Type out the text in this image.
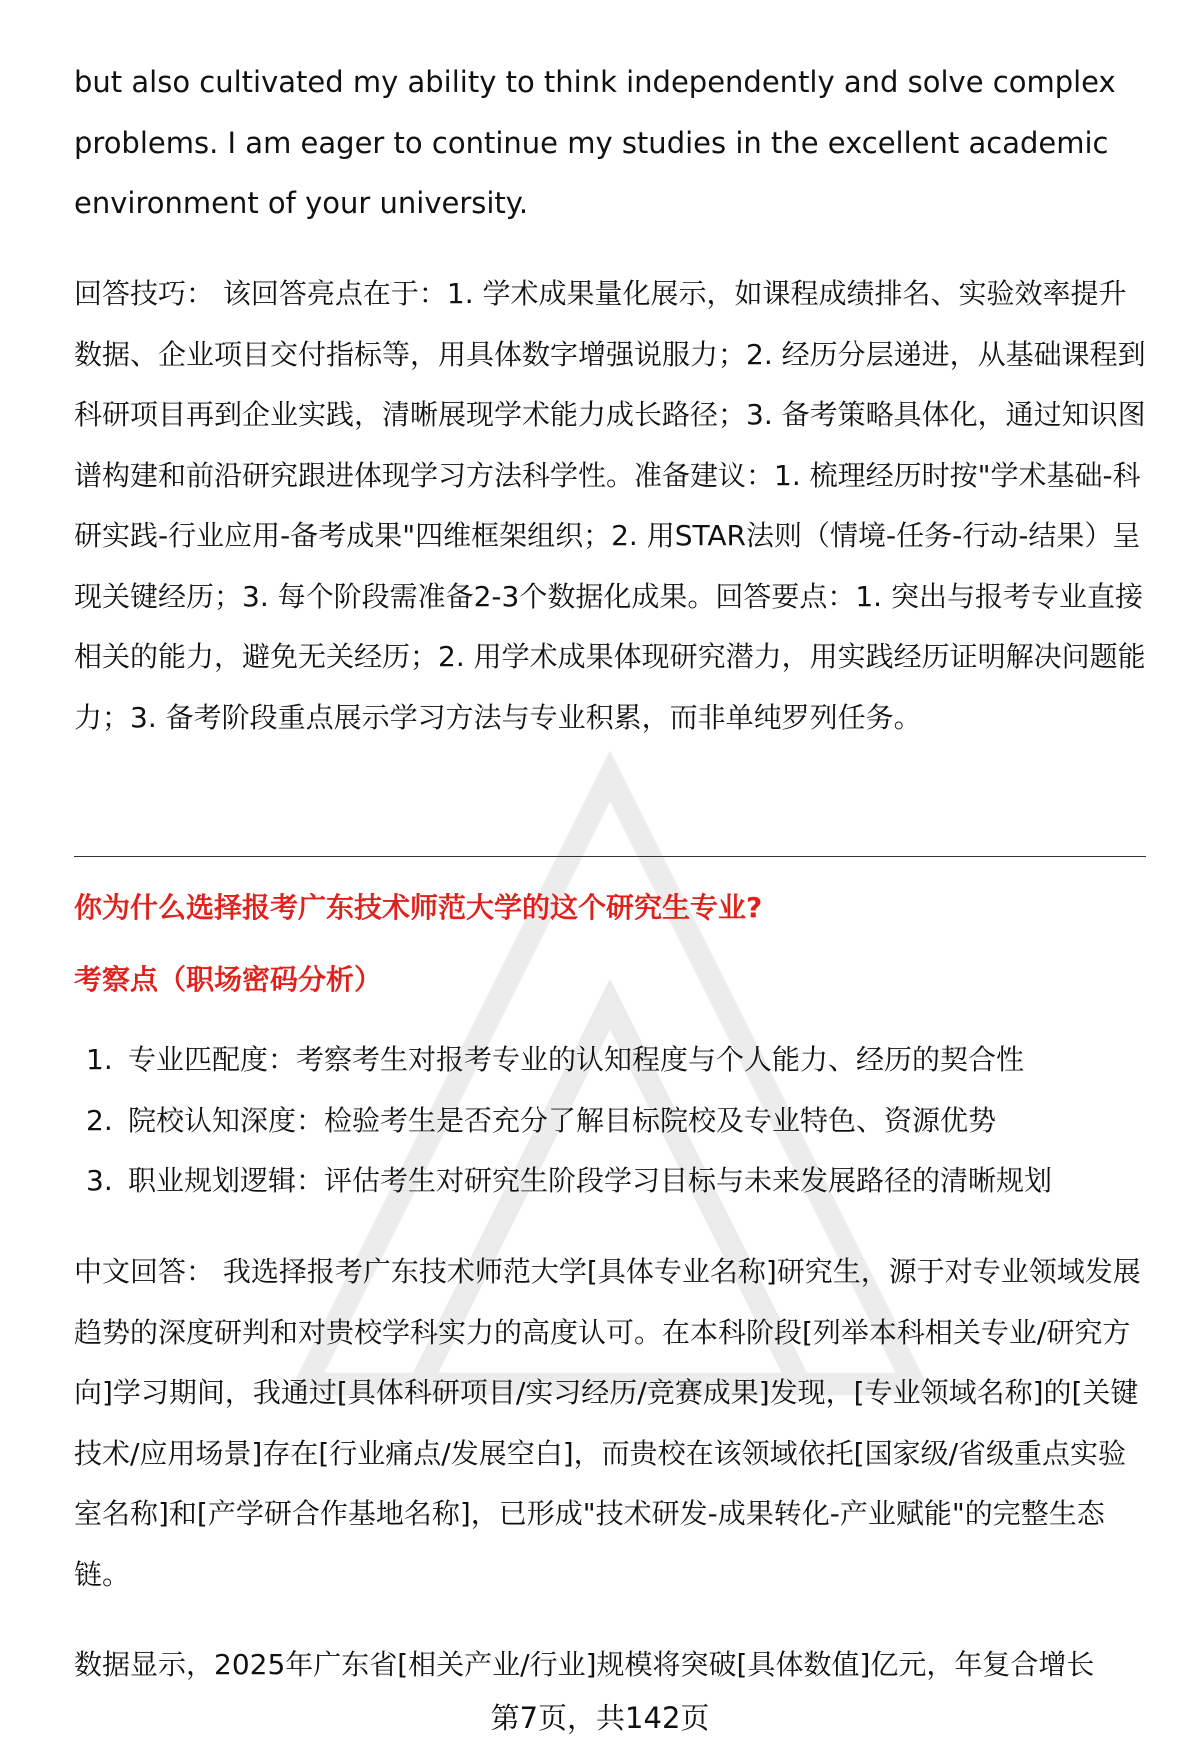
but also cultivated my ability to think independently and solve complex problems. I am eager to continue my studies in the excellent academic environment of your university.
回答技巧： 该回答亮点在于：1. 学术成果量化展示，如课程成绩排名、实验效率提升数据、企业项目交付指标等，用具体数字增强说服力；2. 经历分层递进，从基础课程到科研项目再到企业实践，清晰展现学术能力成长路径；3. 备考策略具体化，通过知识图谱构建和前沿研究跟进体现学习方法科学性。准备建议：1. 梳理经历时按"学术基础-科研实践-行业应用-备考成果"四维框架组织；2. 用STAR法则（情境-任务-行动-结果）呈现关键经历；3. 每个阶段需准备2-3个数据化成果。回答要点：1. 突出与报考专业直接相关的能力，避免无关经历；2. 用学术成果体现研究潜力，用实践经历证明解决问题能力；3. 备考阶段重点展示学习方法与专业积累，而非单纯罗列任务。
你为什么选择报考广东技术师范大学的这个研究生专业?
考察点（职场密码分析）
1. 专业匹配度：考察考生对报考专业的认知程度与个人能力、经历的契合性
2. 院校认知深度：检验考生是否充分了解目标院校及专业特色、资源优势
3. 职业规划逻辑：评估考生对研究生阶段学习目标与未来发展路径的清晰规划
中文回答： 我选择报考广东技术师范大学[具体专业名称]研究生，源于对专业领域发展趋势的深度研判和对贵校学科实力的高度认可。在本科阶段[列举本科相关专业/研究方向]学习期间，我通过[具体科研项目/实习经历/竞赛成果]发现，[专业领域名称]的[关键技术/应用场景]存在[行业痛点/发展空白]，而贵校在该领域依托[国家级/省级重点实验室名称]和[产学研合作基地名称]，已形成"技术研发-成果转化-产业赋能"的完整生态链。
数据显示，2025年广东省[相关产业/行业]规模将突破[具体数值]亿元，年复合增长
第7页，共142页
